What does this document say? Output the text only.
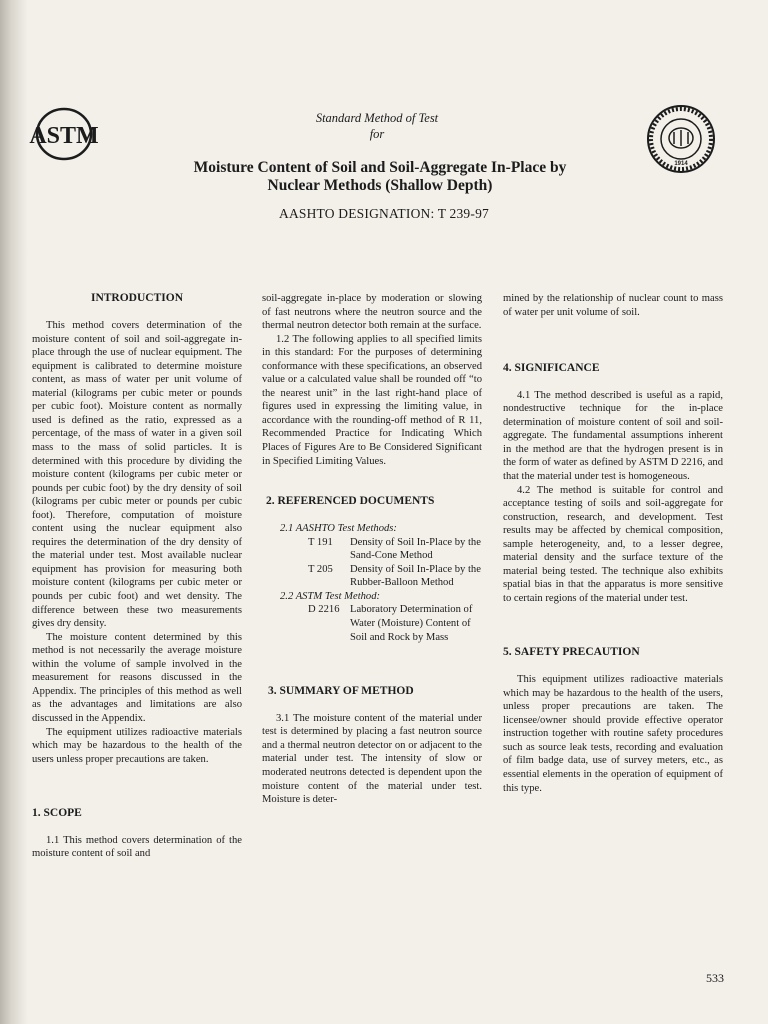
ASTM
1914
Standard Method of Test
for
Moisture Content of Soil and Soil-Aggregate In-Place by
Nuclear Methods (Shallow Depth)
AASHTO DESIGNATION: T 239-97

INTRODUCTION

This method covers determination of the moisture content of soil and soil-aggregate in-place through the use of nuclear equipment. The equipment is calibrated to determine moisture content, as mass of water per unit volume of material (kilograms per cubic meter or pounds per cubic foot). Moisture content as normally used is defined as the ratio, expressed as a percentage, of the mass of water in a given soil mass to the mass of solid particles. It is determined with this procedure by dividing the moisture content (kilograms per cubic meter or pounds per cubic foot) by the dry density of soil (kilograms per cubic meter or pounds per cubic foot). Therefore, computation of moisture content using the nuclear equipment also requires the determination of the dry density of the material under test. Most available nuclear equipment has provision for measuring both moisture content (kilograms per cubic meter or pounds per cubic foot) and wet density. The difference between these two measurements gives dry density.

The moisture content determined by this method is not necessarily the average moisture within the volume of sample involved in the measurement for reasons discussed in the Appendix. The principles of this method as well as the advantages and limitations are also discussed in the Appendix.

The equipment utilizes radioactive materials which may be hazardous to the health of the users unless proper precautions are taken.

1. SCOPE

1.1 This method covers determination of the moisture content of soil and

soil-aggregate in-place by moderation or slowing of fast neutrons where the neutron source and the thermal neutron detector both remain at the surface.

1.2 The following applies to all specified limits in this standard: For the purposes of determining conformance with these specifications, an observed value or a calculated value shall be rounded off “to the nearest unit” in the last right-hand place of figures used in expressing the limiting value, in accordance with the rounding-off method of R 11, Recommended Practice for Indicating Which Places of Figures Are to Be Considered Significant in Specified Limiting Values.

2. REFERENCED DOCUMENTS

2.1 AASHTO Test Methods:

T 191	Density of Soil In-Place by the Sand-Cone Method
T 205	Density of Soil In-Place by the Rubber-Balloon Method

2.2 ASTM Test Method:

D 2216 Laboratory Determination of Water (Moisture) Content of Soil and Rock by Mass

3. SUMMARY OF METHOD

3.1 The moisture content of the material under test is determined by placing a fast neutron source and a thermal neutron detector on or adjacent to the material under test. The intensity of slow or moderated neutrons detected is dependent upon the moisture content of the material under test. Moisture is deter-

mined by the relationship of nuclear count to mass of water per unit volume of soil.

4. SIGNIFICANCE

4.1 The method described is useful as a rapid, nondestructive technique for the in-place determination of moisture content of soil and soil-aggregate. The fundamental assumptions inherent in the method are that the hydrogen present is in the form of water as defined by ASTM D 2216, and that the material under test is homogeneous.

4.2 The method is suitable for control and acceptance testing of soils and soil-aggregate for construction, research, and development. Test results may be affected by chemical composition, sample heterogeneity, and, to a lesser degree, material density and the surface texture of the material being tested. The technique also exhibits spatial bias in that the apparatus is more sensitive to certain regions of the material under test.

5. SAFETY PRECAUTION

This equipment utilizes radioactive materials which may be hazardous to the health of the users, unless proper precautions are taken. The licensee/owner should provide effective operator instruction together with routine safety procedures such as source leak tests, recording and evaluation of film badge data, use of survey meters, etc., as essential elements in the operation of equipment of this type.

533
